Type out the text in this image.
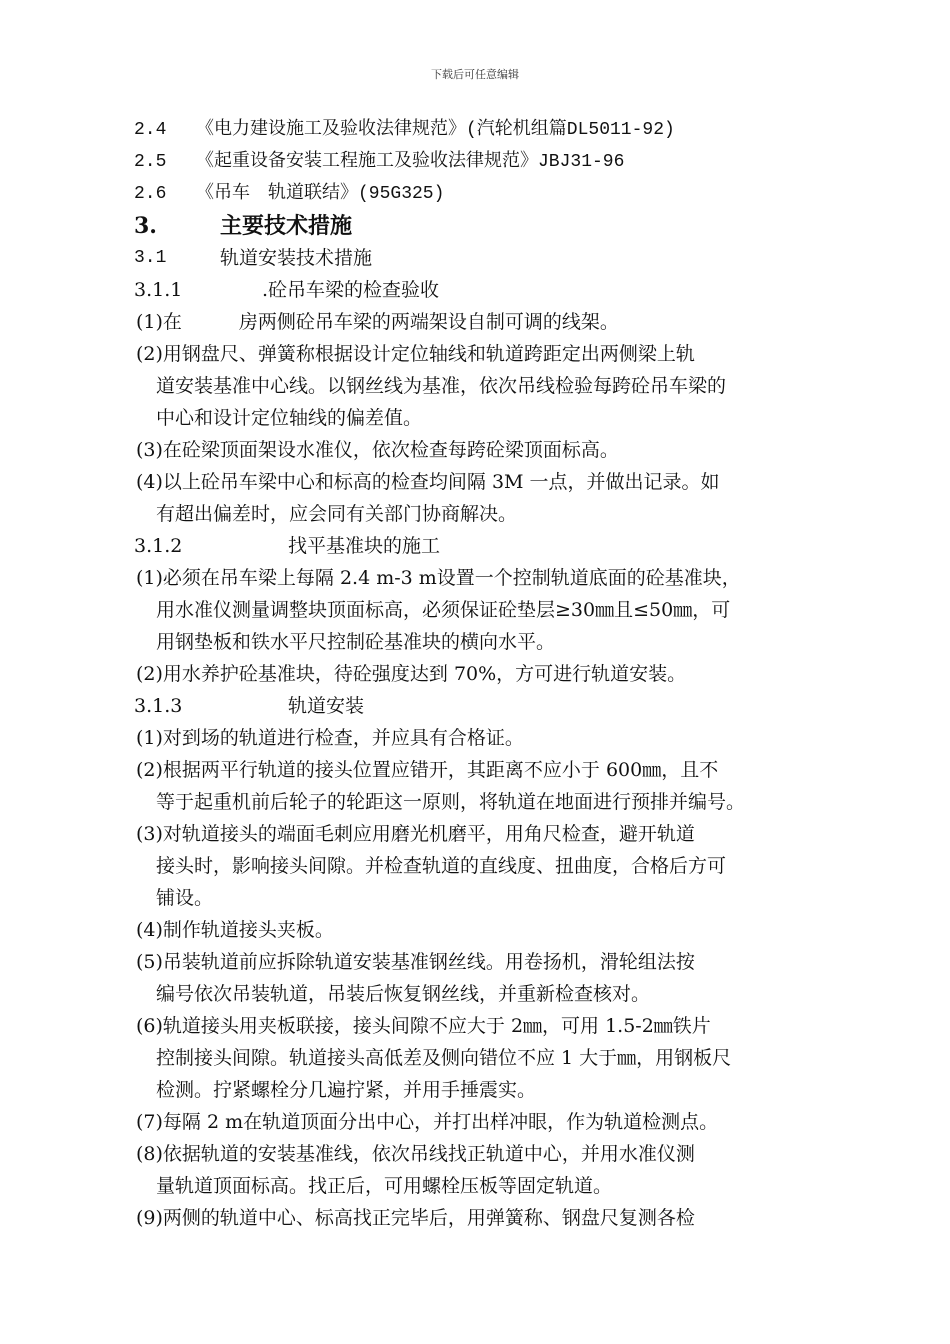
下载后可任意编辑
2.4 《电力建设施工及验收法律规范》(汽轮机组篇DL5011-92)
2.5 《起重设备安装工程施工及验收法律规范》JBJ31-96
2.6 《吊车　轨道联结》(95G325)
3.	主要技术措施
3.1	轨道安装技术措施
3.1.1	.砼吊车梁的检查验收
(1)在　　　房两侧砼吊车梁的两端架设自制可调的线架。
(2)用钢盘尺、弹簧称根据设计定位轴线和轨道跨距定出两侧梁上轨
道安装基准中心线。以钢丝线为基准，依次吊线检验每跨砼吊车梁的
中心和设计定位轴线的偏差值。
(3)在砼梁顶面架设水准仪，依次检查每跨砼梁顶面标高。
(4)以上砼吊车梁中心和标高的检查均间隔 3M 一点，并做出记录。如
有超出偏差时，应会同有关部门协商解决。
3.1.2	找平基准块的施工
(1)必须在吊车梁上每隔 2.4 m-3 m设置一个控制轨道底面的砼基准块，
用水准仪测量调整块顶面标高，必须保证砼垫层≥30㎜且≤50㎜，可
用钢垫板和铁水平尺控制砼基准块的横向水平。
(2)用水养护砼基准块，待砼强度达到 70%，方可进行轨道安装。
3.1.3	轨道安装
(1)对到场的轨道进行检查，并应具有合格证。
(2)根据两平行轨道的接头位置应错开，其距离不应小于 600㎜，且不
等于起重机前后轮子的轮距这一原则，将轨道在地面进行预排并编号。
(3)对轨道接头的端面毛刺应用磨光机磨平，用角尺检查，避开轨道
接头时，影响接头间隙。并检查轨道的直线度、扭曲度，合格后方可
铺设。
(4)制作轨道接头夹板。
(5)吊装轨道前应拆除轨道安装基准钢丝线。用卷扬机，滑轮组法按
编号依次吊装轨道，吊装后恢复钢丝线，并重新检查核对。
(6)轨道接头用夹板联接，接头间隙不应大于 2㎜，可用 1.5-2㎜铁片
控制接头间隙。轨道接头高低差及侧向错位不应 1 大于㎜，用钢板尺
检测。拧紧螺栓分几遍拧紧，并用手捶震实。
(7)每隔 2 m在轨道顶面分出中心，并打出样冲眼，作为轨道检测点。
(8)依据轨道的安装基准线，依次吊线找正轨道中心，并用水准仪测
量轨道顶面标高。找正后，可用螺栓压板等固定轨道。
(9)两侧的轨道中心、标高找正完毕后，用弹簧称、钢盘尺复测各检
